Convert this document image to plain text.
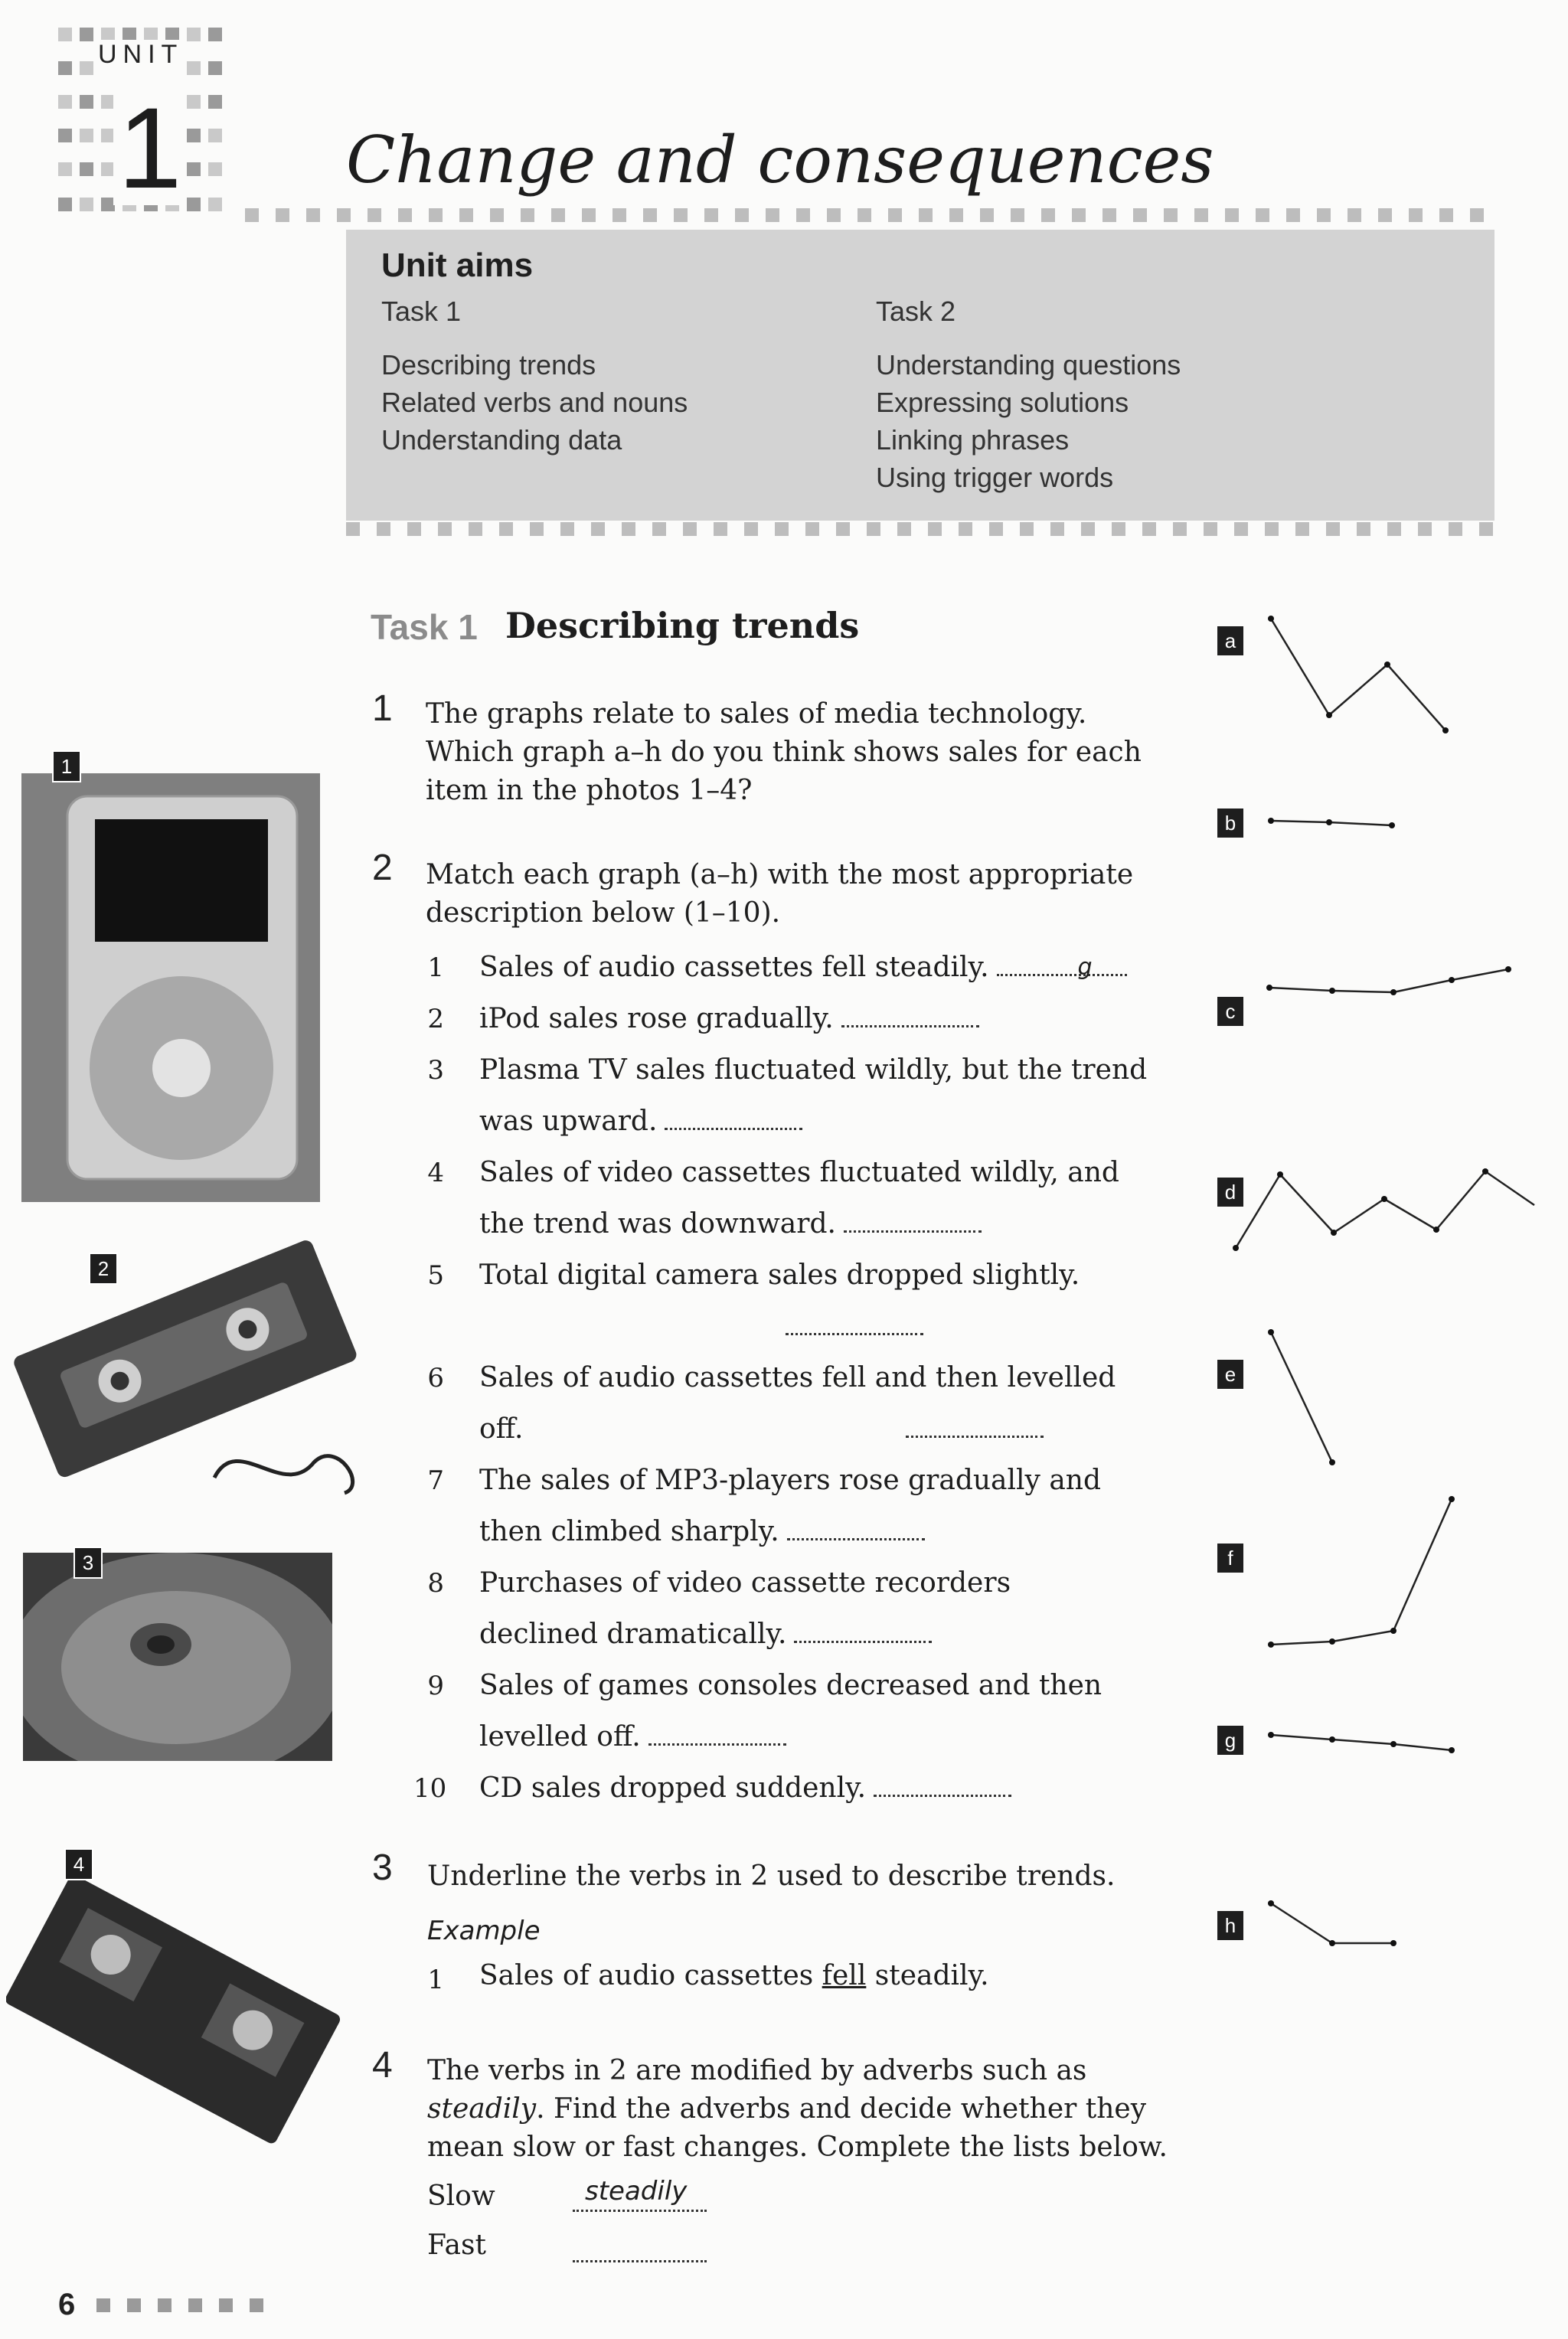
UNIT
1	Change and consequences
Unit aims
Task 1
Describing trends
Related verbs and nouns
Understanding data
Task 2
Understanding questions
Expressing solutions
Linking phrases
Using trigger words
Task 1 Describing trends
1 The graphs relate to sales of media technology. Which graph a–h do you think shows sales for each item in the photos 1–4?
2 Match each graph (a–h) with the most appropriate description below (1–10).
1 Sales of audio cassettes fell steadily.	g
2 iPod sales rose gradually.
3 Plasma TV sales fluctuated wildly, but the trend was upward.
4 Sales of video cassettes fluctuated wildly, and the trend was downward.
5 Total digital camera sales dropped slightly.
6 Sales of audio cassettes fell and then levelled off.
7 The sales of MP3-players rose gradually and then climbed sharply.
8 Purchases of video cassette recorders declined dramatically.
9 Sales of games consoles decreased and then levelled off.
10 CD sales dropped suddenly.
3 Underline the verbs in 2 used to describe trends.
Example
1 Sales of audio cassettes fell steadily.
4 The verbs in 2 are modified by adverbs such as steadily. Find the adverbs and decide whether they mean slow or fast changes. Complete the lists below.
Slow	steadily
Fast
1
2
3
4
a
b
c
d
e
f
g
h
6
